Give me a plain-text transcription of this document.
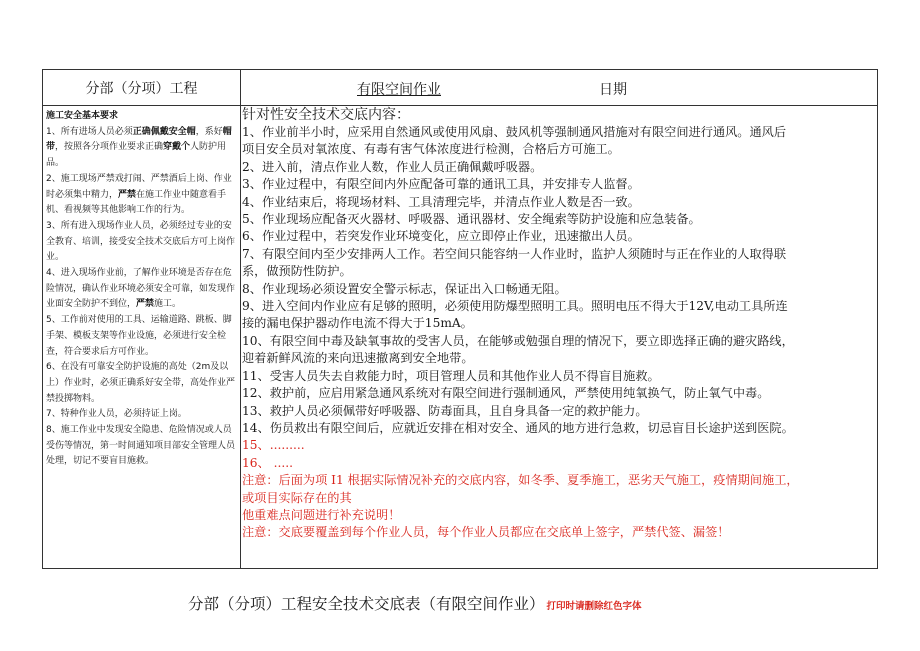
分部（分项）工程	有限空间作业	日期

施工安全基本要求

1、所有进场人员必须正确佩戴安全帽，系好帽带，按照各分项作业要求正确穿戴个人防护用品。

2、施工现场严禁戏打闹、严禁酒后上岗、作业时必须集中精力，严禁在施工作业中随意看手机、看视频等其他影响工作的行为。

3、所有进入现场作业人员，必须经过专业的安全教育、培训，接受安全技术交底后方可上岗作业。

4、进入现场作业前，了解作业环境是否存在危险情况，确认作业环境必须安全可靠，如发现作业面安全防护不到位，严禁施工。

5、工作前对使用的工具、运输道路、跳板、脚手架、模板支架等作业设施，必须进行安全检查，符合要求后方可作业。

6、在没有可靠安全防护设施的高处（2m及以上）作业时，必须正确系好安全带，高处作业严禁投掷物料。

7、特种作业人员，必须持证上岗。

8、施工作业中发现安全隐患、危险情况或人员受伤等情况，第一时间通知项目部安全管理人员处理，切记不要盲目施救。

针对性安全技术交底内容：

1、作业前半小时，应采用自然通风或使用风扇、鼓风机等强制通风措施对有限空间进行通风。通风后

项目安全员对氧浓度、有毒有害气体浓度进行检测，合格后方可施工。

2、进入前，清点作业人数，作业人员正确佩戴呼吸器。

3、作业过程中，有限空间内外应配备可靠的通讯工具，并安排专人监督。

4、作业结束后，将现场材料、工具清理完毕，并清点作业人数是否一致。

5、作业现场应配备灭火器材、呼吸器、通讯器材、安全绳索等防护设施和应急装备。

6、作业过程中，若突发作业环境变化，应立即停止作业，迅速撤出人员。

7、有限空间内至少安排两人工作。若空间只能容纳一人作业时，监护人须随时与正在作业的人取得联

系，做预防性防护。

8、作业现场必须设置安全警示标志，保证出入口畅通无阻。

9、进入空间内作业应有足够的照明，必须使用防爆型照明工具。照明电压不得大于12V,电动工具所连

接的漏电保护器动作电流不得大于15mA。

10、有限空间中毒及缺氧事故的受害人员，在能够或勉强自理的情况下，要立即选择正确的避灾路线，

迎着新鲜风流的来向迅速撤离到安全地带。

11、受害人员失去自救能力时，项目管理人员和其他作业人员不得盲目施救。

12、救护前，应启用紧急通风系统对有限空间进行强制通风，严禁使用纯氧换气，防止氧气中毒。

13、救护人员必须佩带好呼吸器、防毒面具，且自身具备一定的救护能力。

14、伤员救出有限空间后，应就近安排在相对安全、通风的地方进行急救，切忌盲目长途护送到医院。

15、.........

16、 .....

注意：后面为项 I1 根据实际情况补充的交底内容，如冬季、夏季施工，恶劣天气施工，疫情期间施工，

或项目实际存在的其

他重难点问题进行补充说明！

注意：交底要覆盖到每个作业人员，每个作业人员都应在交底单上签字，严禁代签、漏签！

分部（分项）工程安全技术交底表（有限空间作业） 打印时请删除红色字体
